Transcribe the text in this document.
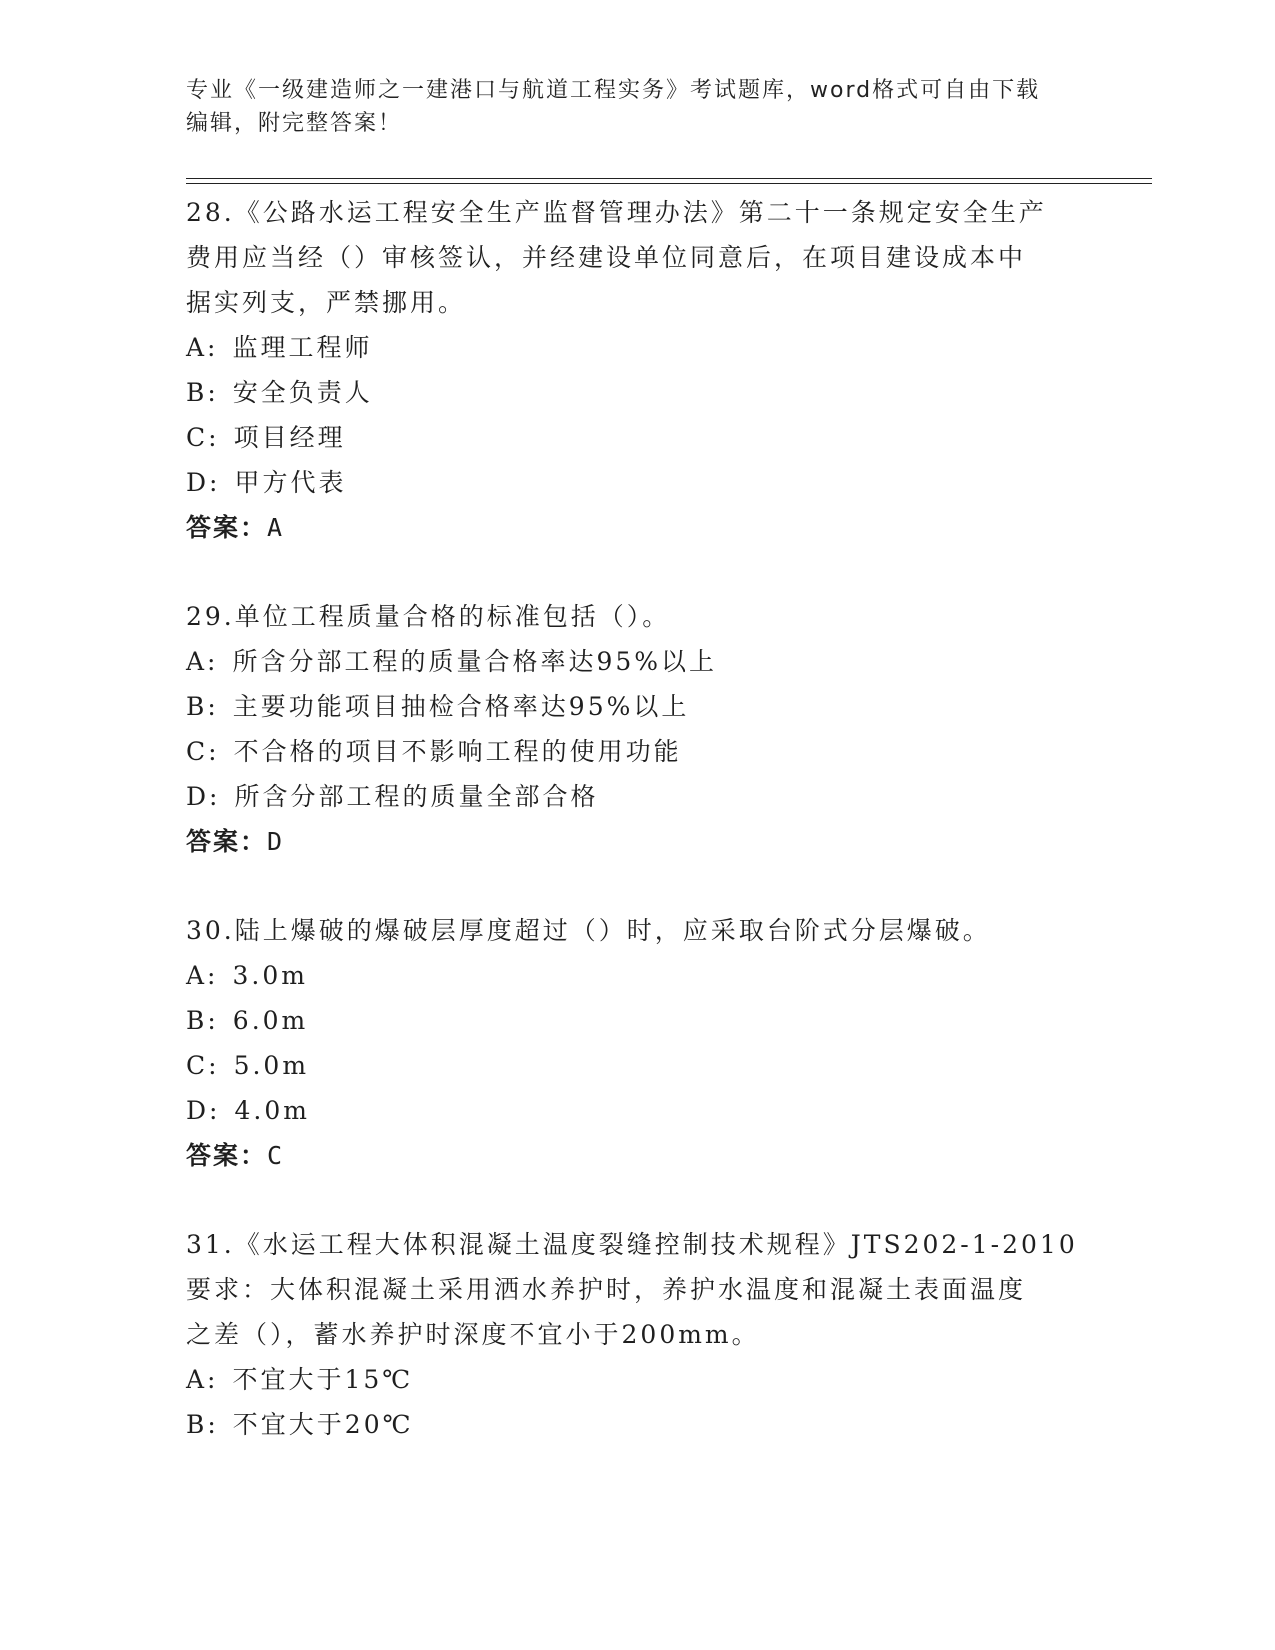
专业《一级建造师之一建港口与航道工程实务》考试题库，word格式可自由下载
编辑，附完整答案！
28.《公路水运工程安全生产监督管理办法》第二十一条规定安全生产
费用应当经（）审核签认，并经建设单位同意后，在项目建设成本中
据实列支，严禁挪用。
A: 监理工程师
B: 安全负责人
C: 项目经理
D: 甲方代表
答案：A
29.单位工程质量合格的标准包括（）。
A: 所含分部工程的质量合格率达95%以上
B: 主要功能项目抽检合格率达95%以上
C: 不合格的项目不影响工程的使用功能
D: 所含分部工程的质量全部合格
答案：D
30.陆上爆破的爆破层厚度超过（）时，应采取台阶式分层爆破。
A: 3.0m
B: 6.0m
C: 5.0m
D: 4.0m
答案：C
31.《水运工程大体积混凝土温度裂缝控制技术规程》JTS202-1-2010
要求：大体积混凝土采用洒水养护时，养护水温度和混凝土表面温度
之差（），蓄水养护时深度不宜小于200mm。
A: 不宜大于15℃
B: 不宜大于20℃
